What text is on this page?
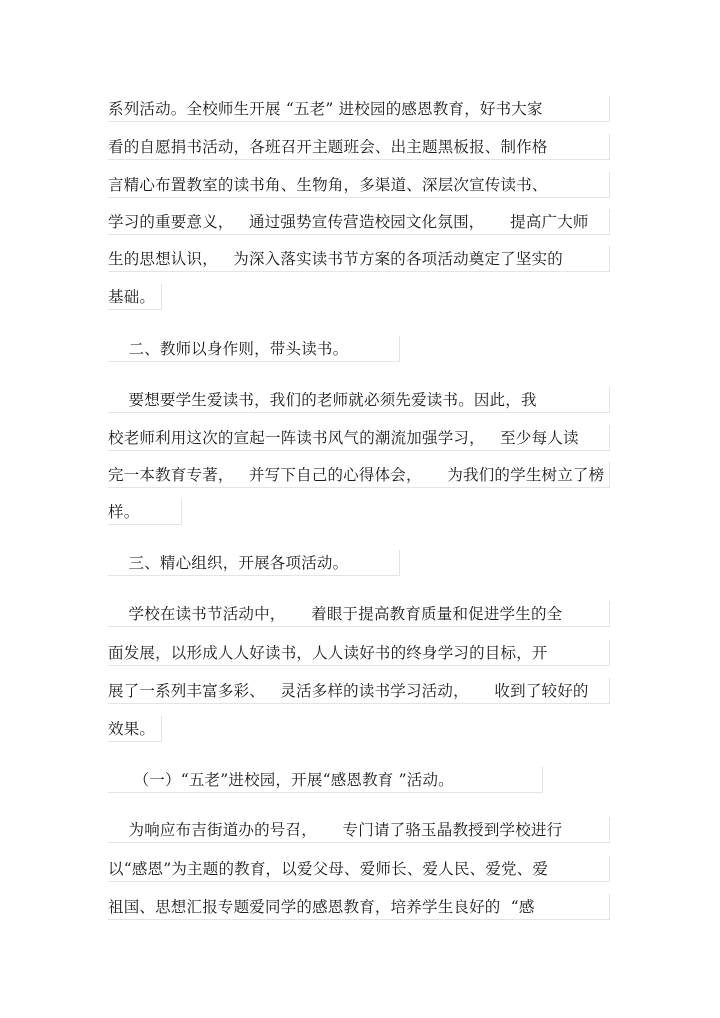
系列活动。全校师生开展 “五老” 进校园的感恩教育，好书大家
看的自愿捐书活动，各班召开主题班会、出主题黑板报、制作格
言精心布置教室的读书角、生物角，多渠道、深层次宣传读书、
学习的重要意义，   通过强势宣传营造校园文化氛围，     提高广大师
生的思想认识，   为深入落实读书节方案的各项活动奠定了坚实的
基础。
二、教师以身作则，带头读书。
要想要学生爱读书，我们的老师就必须先爱读书。因此，我
校老师利用这次的宣起一阵读书风气的潮流加强学习，   至少每人读
完一本教育专著，   并写下自己的心得体会，     为我们的学生树立了榜
样。
三、精心组织，开展各项活动。
学校在读书节活动中，     着眼于提高教育质量和促进学生的全
面发展，以形成人人好读书，人人读好书的终身学习的目标，开
展了一系列丰富多彩、   灵活多样的读书学习活动，     收到了较好的
效果。
（一）“五老”进校园，开展“感恩教育 ”活动。
为响应布吉街道办的号召，     专门请了骆玉晶教授到学校进行
以“感恩”为主题的教育，以爱父母、爱师长、爱人民、爱党、爱
祖国、思想汇报专题爱同学的感恩教育，培养学生良好的  “感
